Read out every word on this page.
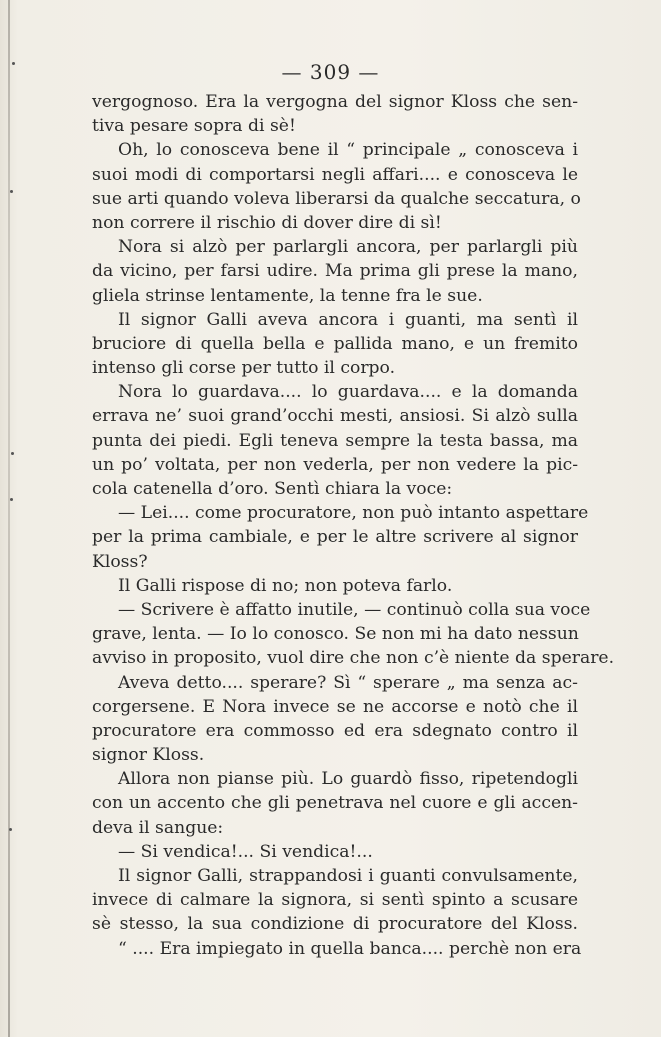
— 309 —
vergognoso. Era la vergogna del signor Kloss che sen-
tiva pesare sopra di sè!
Oh, lo conosceva bene il “ principale „ conosceva i
suoi modi di comportarsi negli affari.... e conosceva le
sue arti quando voleva liberarsi da qualche seccatura, o
non correre il rischio di dover dire di sì!
Nora si alzò per parlargli ancora, per parlargli più
da vicino, per farsi udire. Ma prima gli prese la mano,
gliela strinse lentamente, la tenne fra le sue.
Il signor Galli aveva ancora i guanti, ma sentì il
bruciore di quella bella e pallida mano, e un fremito
intenso gli corse per tutto il corpo.
Nora lo guardava.... lo guardava.... e la domanda
errava ne’ suoi grand’occhi mesti, ansiosi. Si alzò sulla
punta dei piedi. Egli teneva sempre la testa bassa, ma
un po’ voltata, per non vederla, per non vedere la pic-
cola catenella d’oro. Sentì chiara la voce:
— Lei.... come procuratore, non può intanto aspettare
per la prima cambiale, e per le altre scrivere al signor
Kloss?
Il Galli rispose di no; non poteva farlo.
— Scrivere è affatto inutile, — continuò colla sua voce
grave, lenta. — Io lo conosco. Se non mi ha dato nessun
avviso in proposito, vuol dire che non c’è niente da sperare.
Aveva detto.... sperare? Sì “ sperare „ ma senza ac-
corgersene. E Nora invece se ne accorse e notò che il
procuratore era commosso ed era sdegnato contro il
signor Kloss.
Allora non pianse più. Lo guardò fisso, ripetendogli
con un accento che gli penetrava nel cuore e gli accen-
deva il sangue:
— Si vendica!... Si vendica!...
Il signor Galli, strappandosi i guanti convulsamente,
invece di calmare la signora, si sentì spinto a scusare
sè stesso, la sua condizione di procuratore del Kloss.
“ .... Era impiegato in quella banca.... perchè non era
